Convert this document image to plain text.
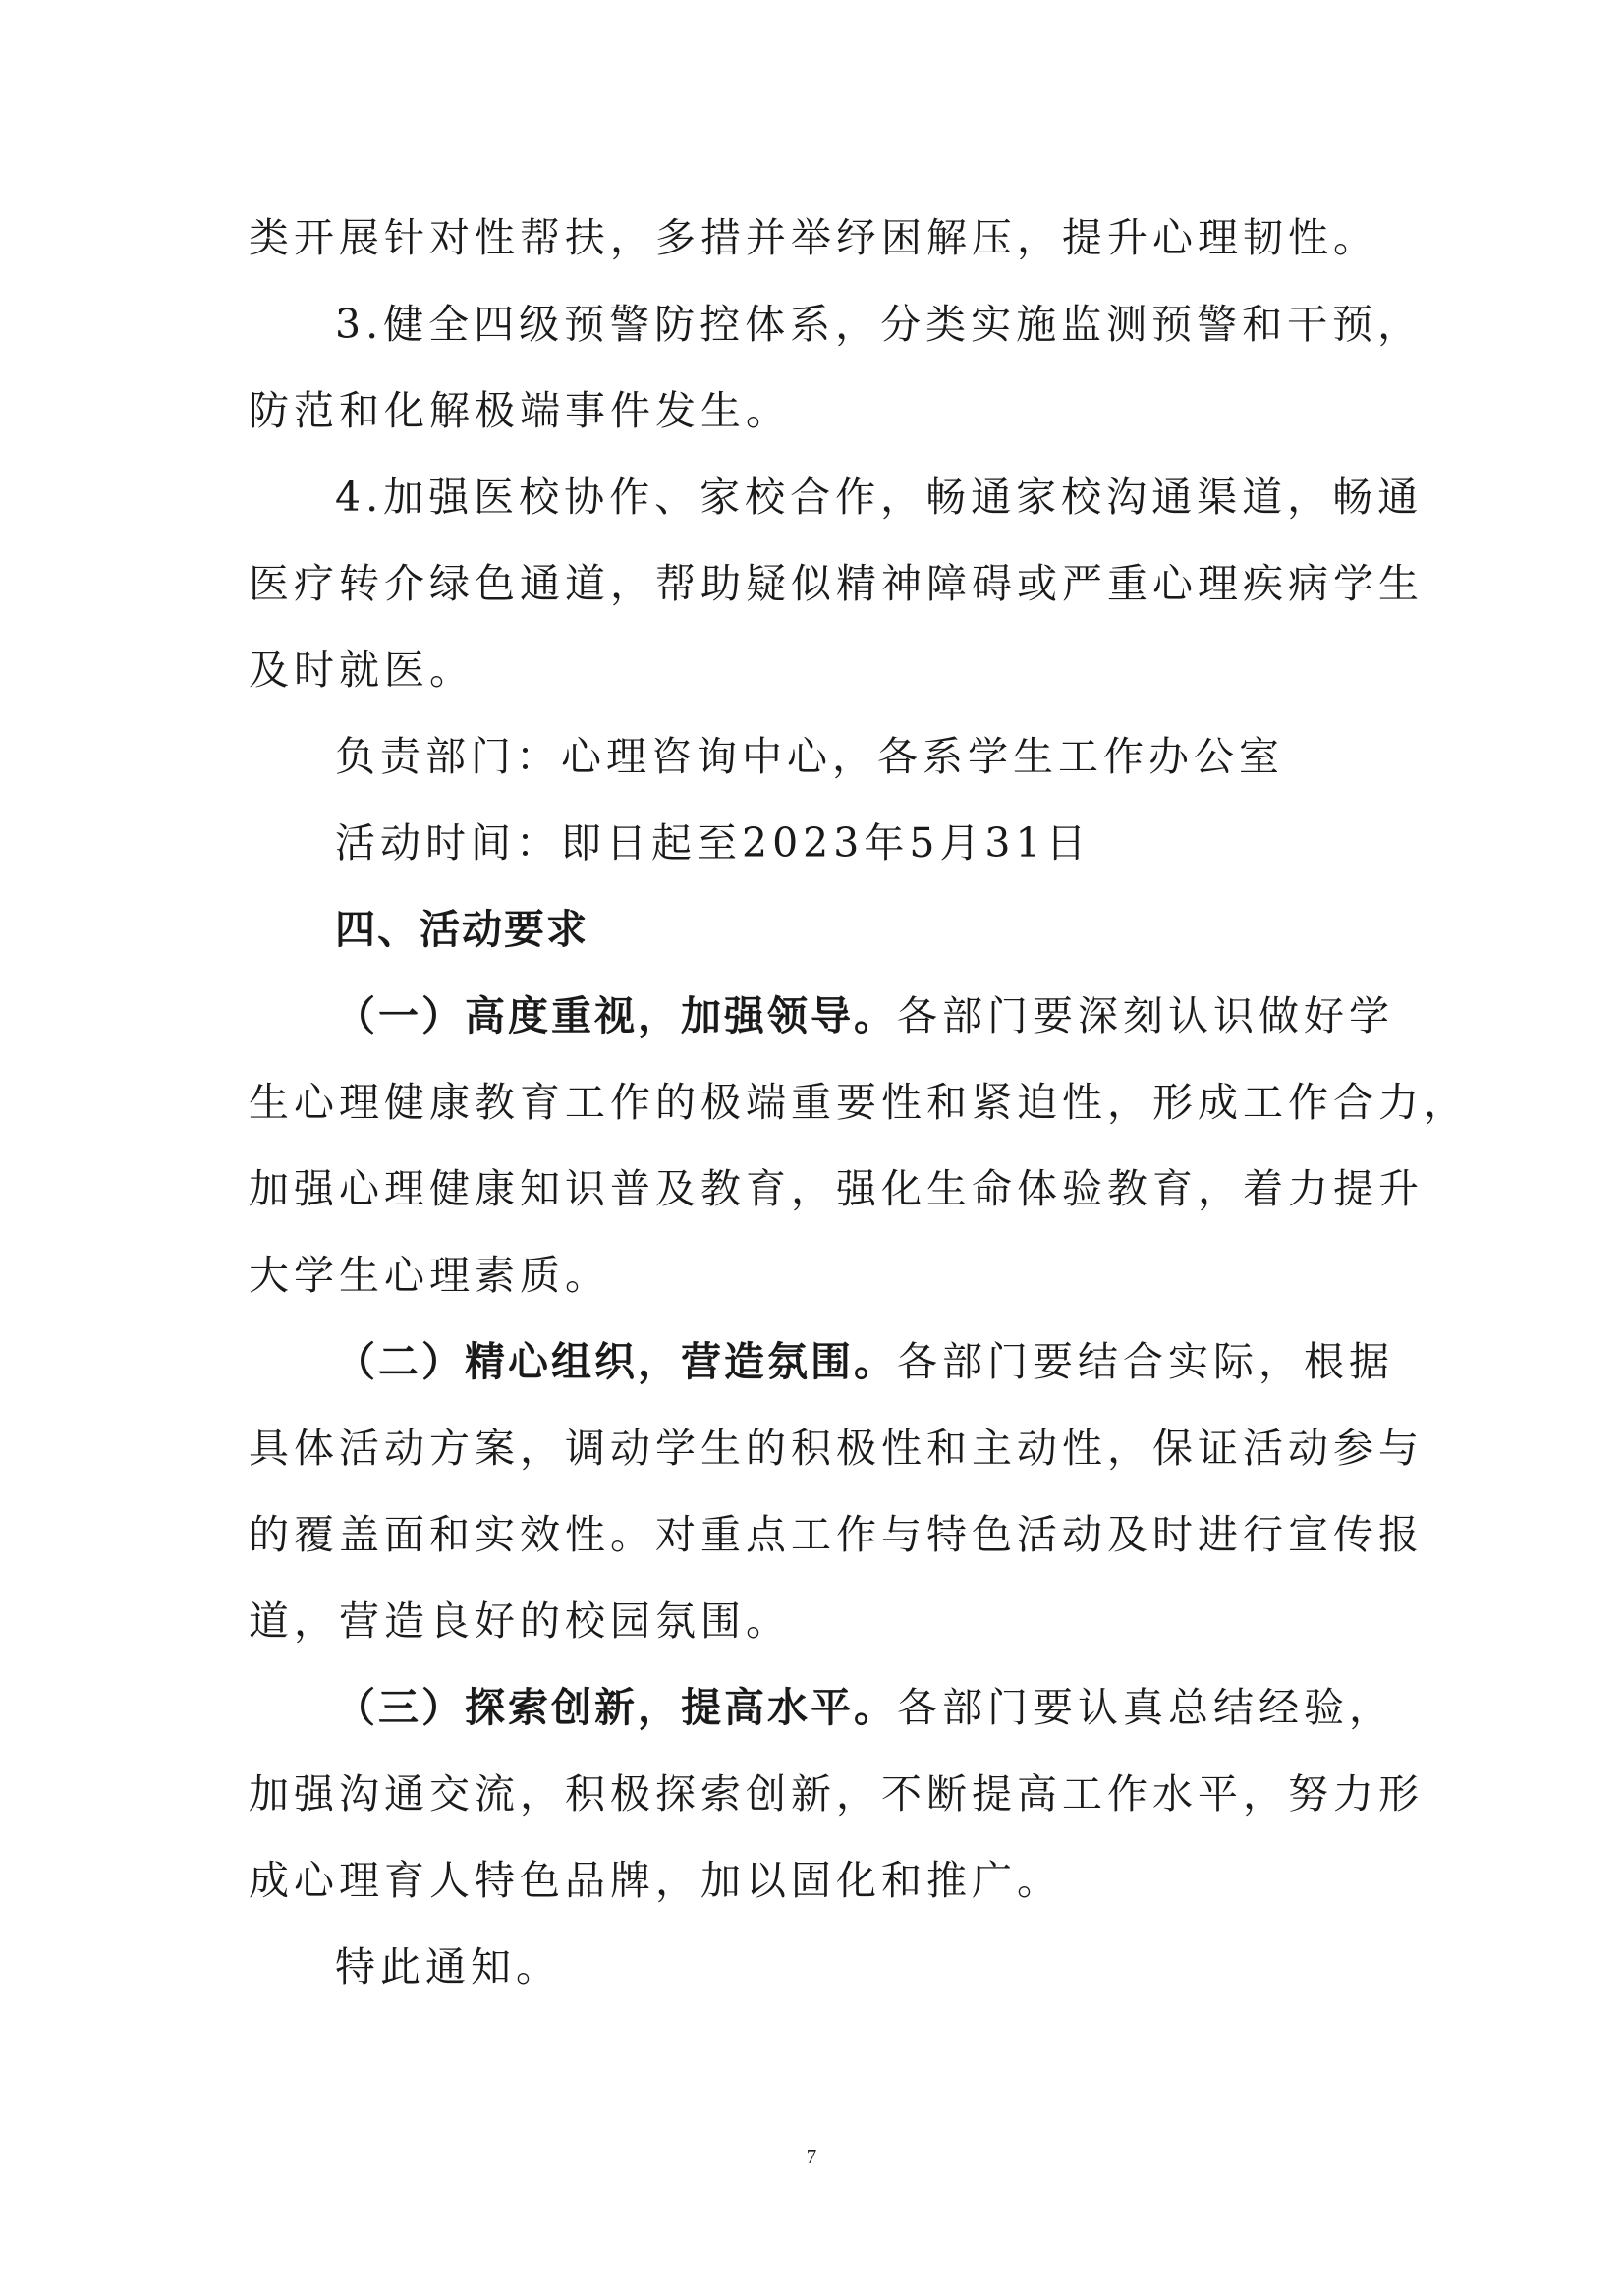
类开展针对性帮扶，多措并举纾困解压，提升心理韧性。
3.健全四级预警防控体系，分类实施监测预警和干预，
防范和化解极端事件发生。
4.加强医校协作、家校合作，畅通家校沟通渠道，畅通
医疗转介绿色通道，帮助疑似精神障碍或严重心理疾病学生
及时就医。
负责部门：心理咨询中心，各系学生工作办公室
活动时间：即日起至2023年5月31日
四、活动要求
（一）高度重视，加强领导。各部门要深刻认识做好学
生心理健康教育工作的极端重要性和紧迫性，形成工作合力，
加强心理健康知识普及教育，强化生命体验教育，着力提升
大学生心理素质。
（二）精心组织，营造氛围。各部门要结合实际，根据
具体活动方案，调动学生的积极性和主动性，保证活动参与
的覆盖面和实效性。对重点工作与特色活动及时进行宣传报
道，营造良好的校园氛围。
（三）探索创新，提高水平。各部门要认真总结经验，
加强沟通交流，积极探索创新，不断提高工作水平，努力形
成心理育人特色品牌，加以固化和推广。
特此通知。
7
